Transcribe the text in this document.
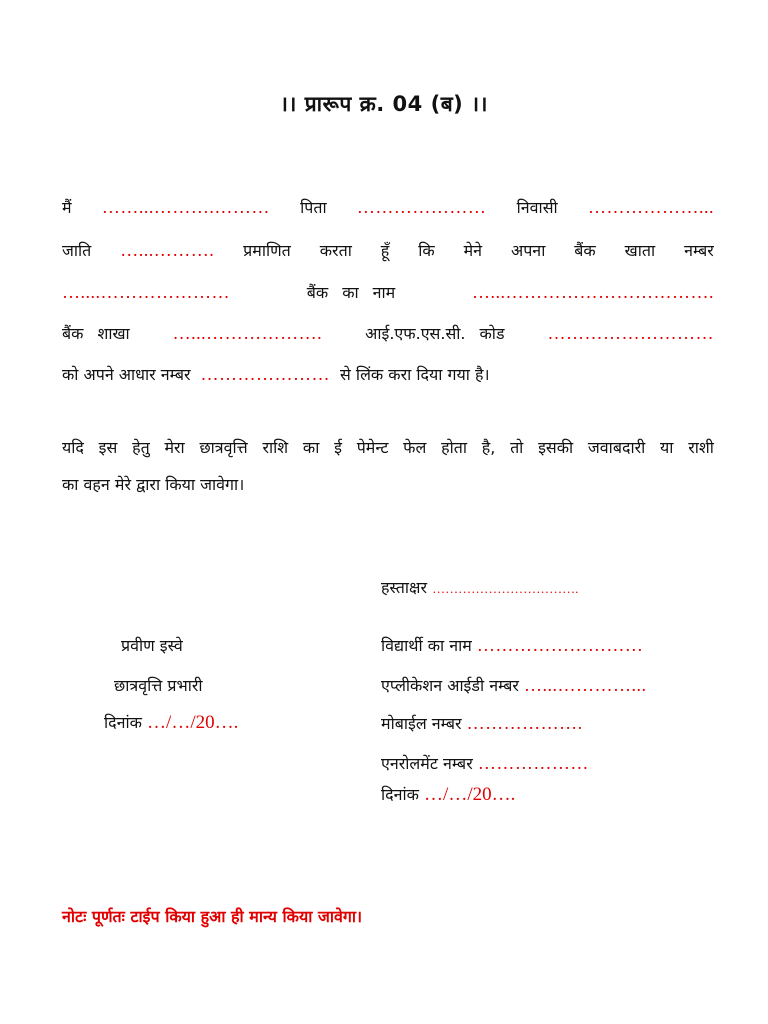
।। प्रारूप क्र. 04 (ब) ।।
मैं ……...……….……… पिता ………………… निवासी ………………...
जाति …...………. प्रमाणित करता हूँ कि मेने अपना बैंक खाता नम्बर
…....…………………	बैंक का नाम	…...…………………………….
बैंक शाखा …...……………….	आई.एफ.एस.सी. कोड ………………………
को अपने आधार नम्बर ………………… से लिंक करा दिया गया है।
यदि इस हेतु मेरा छात्रवृत्ति राशि का ई पेमेन्ट फेल होता है, तो इसकी जवाबदारी या राशी
का वहन मेरे द्वारा किया जावेगा।
हस्ताक्षर …………………………….
प्रवीण इस्वे
छात्रवृत्ति प्रभारी
दिनांक …/…/20….
विद्यार्थी का नाम ………………………
एप्लीकेशन आईडी नम्बर …...…………...
मोबाईल नम्बर ……………….
एनरोलमेंट नम्बर ………………
दिनांक …/…/20….
नोटः पूर्णतः टाईप किया हुआ ही मान्य किया जावेगा।
